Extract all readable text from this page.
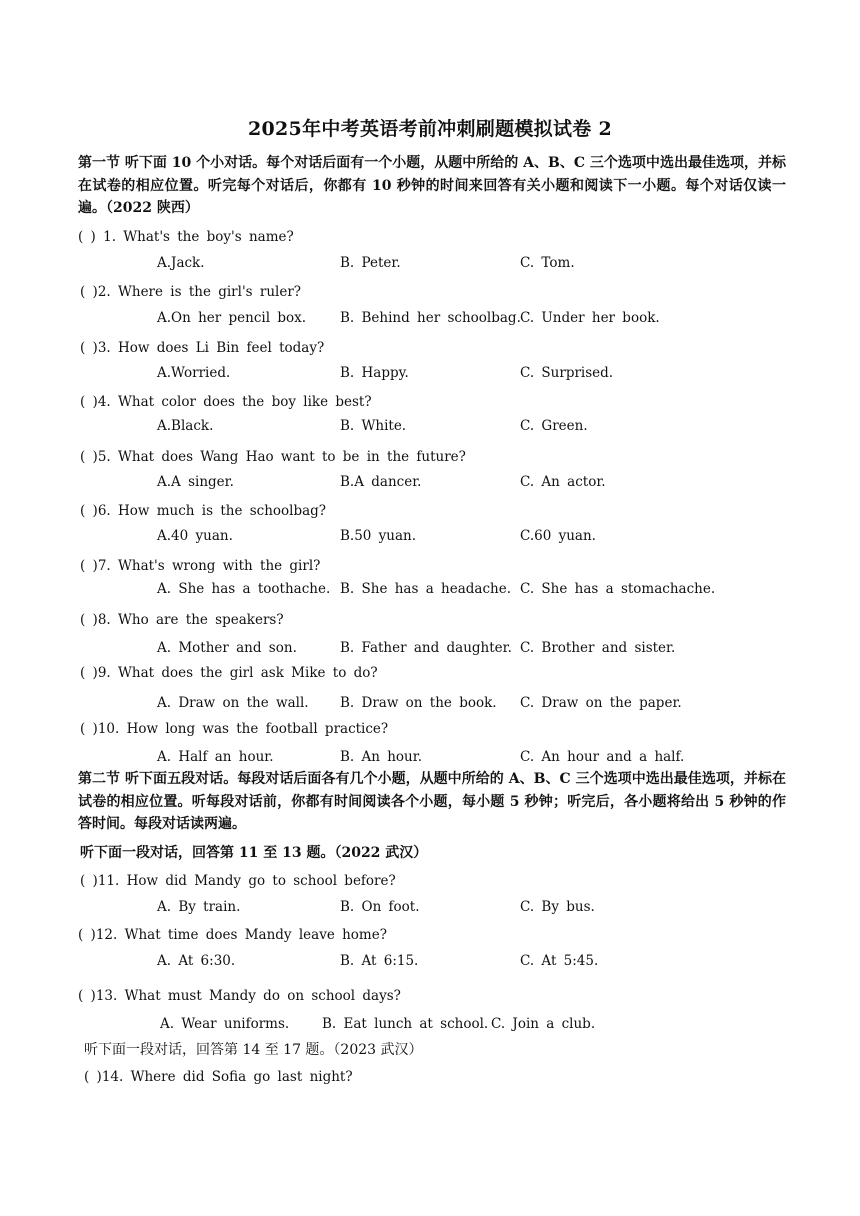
2025年中考英语考前冲刺刷题模拟试卷 2
第一节 听下面 10 个小对话。每个对话后面有一个小题，从题中所给的 A、B、C 三个选项中选出最佳选项，并标在试卷的相应位置。听完每个对话后，你都有 10 秒钟的时间来回答有关小题和阅读下一小题。每个对话仅读一遍。（2022 陕西）
( ) 1. What's the boy's name?
A.Jack.	B. Peter.	C. Tom.
( )2. Where is the girl's ruler?
A.On her pencil box.	B. Behind her schoolbag. C. Under her book.
( )3. How does Li Bin feel today?
A.Worried.	B. Happy.	C. Surprised.
( )4. What color does the boy like best?
A.Black.	B. White.	C. Green.
( )5. What does Wang Hao want to be in the future?
A.A singer.	B.A dancer.	C. An actor.
( )6. How much is the schoolbag?
A.40 yuan.	B.50 yuan.	C.60 yuan.
( )7. What's wrong with the girl?
A. She has a toothache. B. She has a headache. C. She has a stomachache.
( )8. Who are the speakers?
A. Mother and son.	B. Father and daughter. C. Brother and sister.
( )9. What does the girl ask Mike to do?
A. Draw on the wall. B. Draw on the book. C. Draw on the paper.
( )10. How long was the football practice?
A. Half an hour.	B. An hour.	C. An hour and a half.
第二节 听下面五段对话。每段对话后面各有几个小题，从题中所给的 A、B、C 三个选项中选出最佳选项，并标在试卷的相应位置。听每段对话前，你都有时间阅读各个小题，每小题 5 秒钟；听完后，各小题将给出 5 秒钟的作答时间。每段对话读两遍。
听下面一段对话，回答第 11 至 13 题。（2022 武汉）
( )11. How did Mandy go to school before?
A. By train.	B. On foot.	C. By bus.
( )12. What time does Mandy leave home?
A. At 6:30.	B. At 6:15.	C. At 5:45.
( )13. What must Mandy do on school days?
A. Wear uniforms. B. Eat lunch at school. C. Join a club.
听下面一段对话，回答第 14 至 17 题。（2023 武汉）
( )14. Where did Sofia go last night?
